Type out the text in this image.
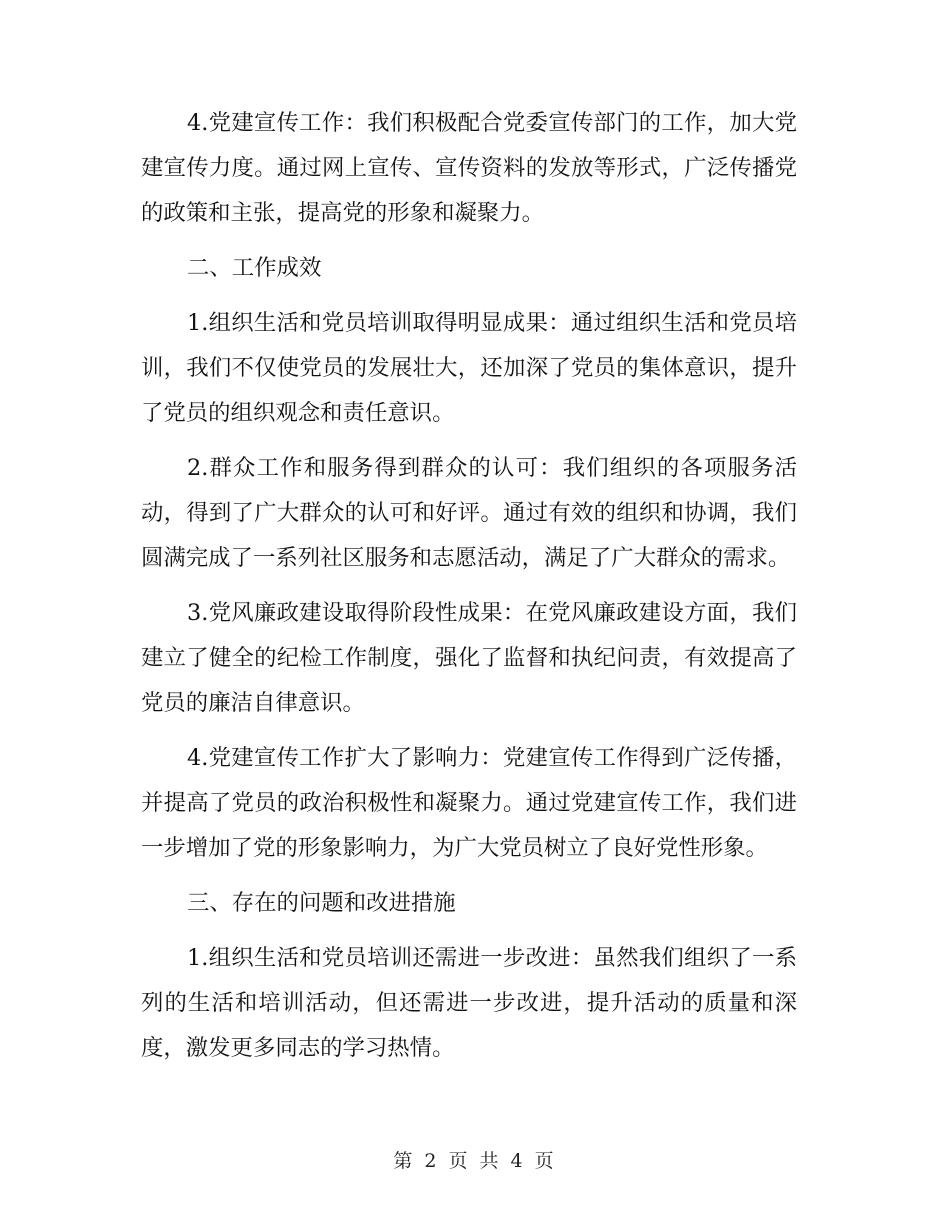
4.党建宣传工作：我们积极配合党委宣传部门的工作，加大党建宣传力度。通过网上宣传、宣传资料的发放等形式，广泛传播党的政策和主张，提高党的形象和凝聚力。

二、工作成效

1.组织生活和党员培训取得明显成果：通过组织生活和党员培训，我们不仅使党员的发展壮大，还加深了党员的集体意识，提升了党员的组织观念和责任意识。

2.群众工作和服务得到群众的认可：我们组织的各项服务活动，得到了广大群众的认可和好评。通过有效的组织和协调，我们圆满完成了一系列社区服务和志愿活动，满足了广大群众的需求。

3.党风廉政建设取得阶段性成果：在党风廉政建设方面，我们建立了健全的纪检工作制度，强化了监督和执纪问责，有效提高了党员的廉洁自律意识。

4.党建宣传工作扩大了影响力：党建宣传工作得到广泛传播，并提高了党员的政治积极性和凝聚力。通过党建宣传工作，我们进一步增加了党的形象影响力，为广大党员树立了良好党性形象。

三、存在的问题和改进措施

1.组织生活和党员培训还需进一步改进：虽然我们组织了一系列的生活和培训活动，但还需进一步改进，提升活动的质量和深度，激发更多同志的学习热情。

第 2 页 共 4 页
